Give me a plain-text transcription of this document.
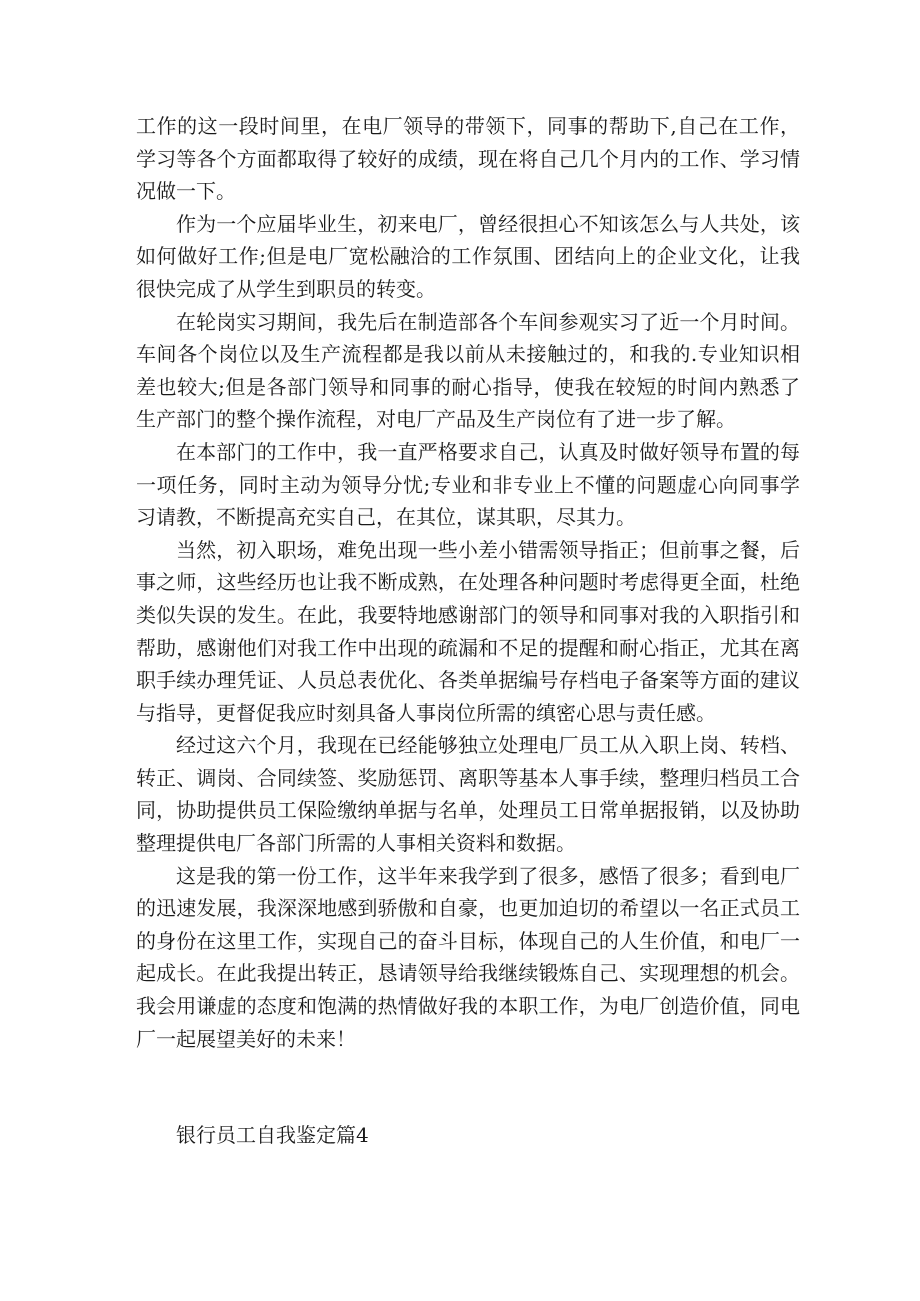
工作的这一段时间里，在电厂领导的带领下，同事的帮助下,自己在工作，学习等各个方面都取得了较好的成绩，现在将自己几个月内的工作、学习情况做一下。

作为一个应届毕业生，初来电厂，曾经很担心不知该怎么与人共处，该如何做好工作;但是电厂宽松融洽的工作氛围、团结向上的企业文化，让我很快完成了从学生到职员的转变。

在轮岗实习期间，我先后在制造部各个车间参观实习了近一个月时间。车间各个岗位以及生产流程都是我以前从未接触过的，和我的.专业知识相差也较大;但是各部门领导和同事的耐心指导，使我在较短的时间内熟悉了生产部门的整个操作流程，对电厂产品及生产岗位有了进一步了解。

在本部门的工作中，我一直严格要求自己，认真及时做好领导布置的每一项任务，同时主动为领导分忧;专业和非专业上不懂的问题虚心向同事学习请教，不断提高充实自己，在其位，谋其职，尽其力。

当然，初入职场，难免出现一些小差小错需领导指正；但前事之餐，后事之师，这些经历也让我不断成熟，在处理各种问题时考虑得更全面，杜绝类似失误的发生。在此，我要特地感谢部门的领导和同事对我的入职指引和帮助，感谢他们对我工作中出现的疏漏和不足的提醒和耐心指正，尤其在离职手续办理凭证、人员总表优化、各类单据编号存档电子备案等方面的建议与指导，更督促我应时刻具备人事岗位所需的缜密心思与责任感。

经过这六个月，我现在已经能够独立处理电厂员工从入职上岗、转档、转正、调岗、合同续签、奖励惩罚、离职等基本人事手续，整理归档员工合同，协助提供员工保险缴纳单据与名单，处理员工日常单据报销，以及协助整理提供电厂各部门所需的人事相关资料和数据。

这是我的第一份工作，这半年来我学到了很多，感悟了很多；看到电厂的迅速发展，我深深地感到骄傲和自豪，也更加迫切的希望以一名正式员工的身份在这里工作，实现自己的奋斗目标，体现自己的人生价值，和电厂一起成长。在此我提出转正，恳请领导给我继续锻炼自己、实现理想的机会。我会用谦虚的态度和饱满的热情做好我的本职工作，为电厂创造价值，同电厂一起展望美好的未来！

银行员工自我鉴定篇4
